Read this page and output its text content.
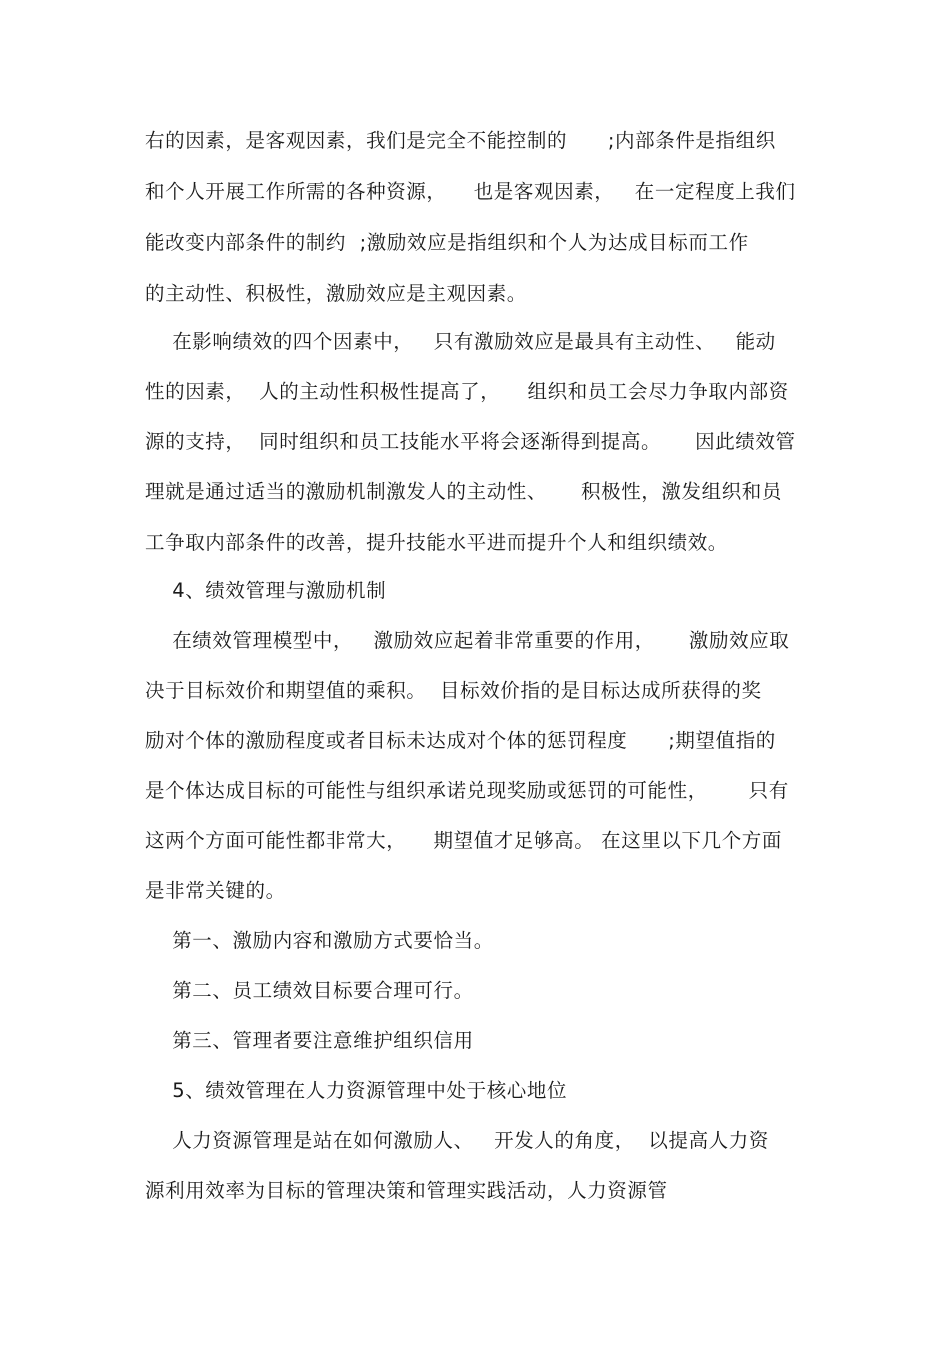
右的因素，是客观因素，我们是完全不能控制的      ;内部条件是指组织
和个人开展工作所需的各种资源，    也是客观因素，   在一定程度上我们
能改变内部条件的制约  ;激励效应是指组织和个人为达成目标而工作
的主动性、积极性，激励效应是主观因素。
在影响绩效的四个因素中，   只有激励效应是最具有主动性、   能动
性的因素，  人的主动性积极性提高了，    组织和员工会尽力争取内部资
源的支持，  同时组织和员工技能水平将会逐渐得到提高。     因此绩效管
理就是通过适当的激励机制激发人的主动性、     积极性，激发组织和员
工争取内部条件的改善，提升技能水平进而提升个人和组织绩效。
4、绩效管理与激励机制
在绩效管理模型中，   激励效应起着非常重要的作用，     激励效应取
决于目标效价和期望值的乘积。  目标效价指的是目标达成所获得的奖
励对个体的激励程度或者目标未达成对个体的惩罚程度      ;期望值指的
是个体达成目标的可能性与组织承诺兑现奖励或惩罚的可能性，      只有
这两个方面可能性都非常大，    期望值才足够高。 在这里以下几个方面
是非常关键的。
第一、激励内容和激励方式要恰当。
第二、员工绩效目标要合理可行。
第三、管理者要注意维护组织信用
5、绩效管理在人力资源管理中处于核心地位
人力资源管理是站在如何激励人、   开发人的角度，  以提高人力资
源利用效率为目标的管理决策和管理实践活动，人力资源管
